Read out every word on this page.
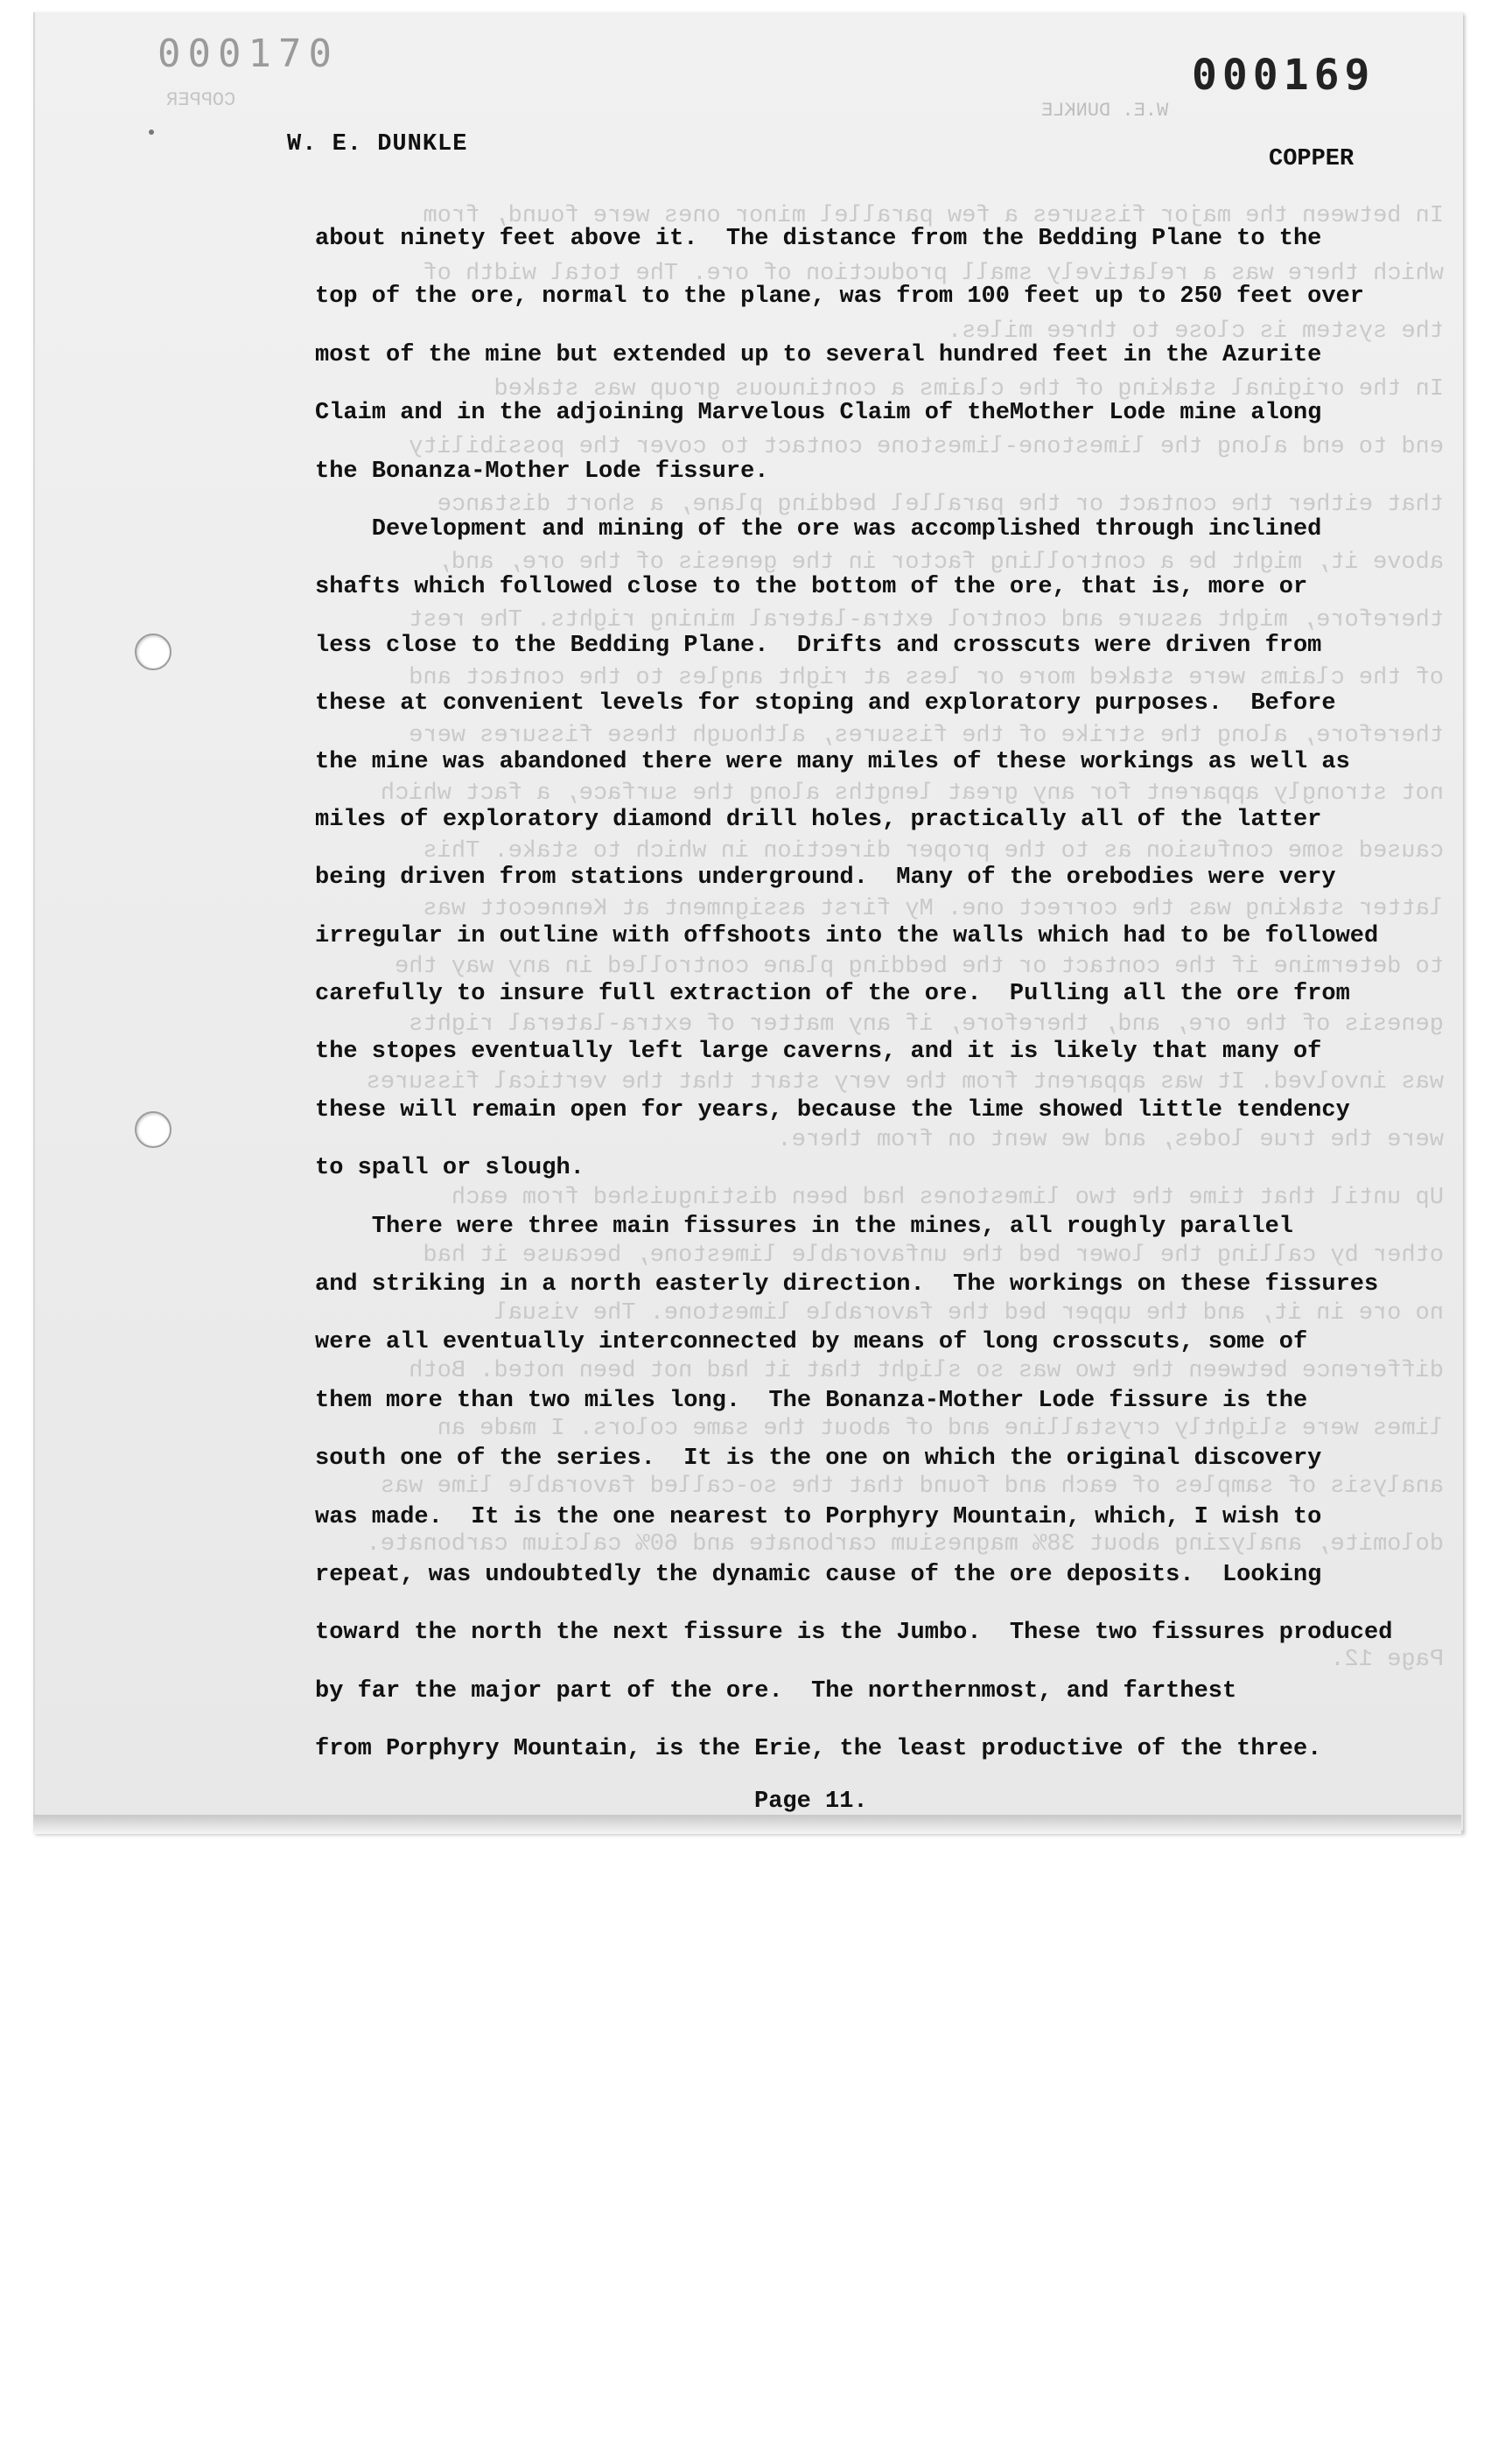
000170
COPPER
000169
W.E. DUNKLE
W. E. DUNKLE
COPPER
In between the major fissures a few parallel minor ones were found, from
which there was a relatively small production of ore. The total width of
the system is close to three miles.
In the original staking of the claims a continuous group was staked
end to end along the limestone-limestone contact to cover the possibility
that either the contact or the parallel bedding plane, a short distance
above it, might be a controlling factor in the genesis of the ore, and,
therefore, might assure and control extra-lateral mining rights. The rest
of the claims were staked more or less at right angles to the contact and
therefore, along the strike of the fissures, although these fissures were
not strongly apparent for any great lengths along the surface, a fact which
caused some confusion as to the proper direction in which to stake. This
latter staking was the correct one. My first assignment at Kennecott was
to determine if the contact or the bedding plane controlled in any way the
genesis of the ore, and, therefore, if any matter of extra-lateral rights
was involved. It was apparent from the very start that the vertical fissures
were the true lodes, and we went on from there.
Up until that time the two limestones had been distinguished from each
other by calling the lower bed the unfavorable limestone, because it had
no ore in it, and the upper bed the favorable limestone. The visual
difference between the two was so slight that it had not been noted. Both
limes were slightly crystalline and of about the same colors. I made an
analysis of samples of each and found that the so-called favorable lime was
dolomite, analyzing about 38% magnesium carbonate and 60% calcium carbonate.
Page 12.
about ninety feet above it.  The distance from the Bedding Plane to the
top of the ore, normal to the plane, was from 100 feet up to 250 feet over
most of the mine but extended up to several hundred feet in the Azurite
Claim and in the adjoining Marvelous Claim of theMother Lode mine along
the Bonanza-Mother Lode fissure.
Development and mining of the ore was accomplished through inclined
shafts which followed close to the bottom of the ore, that is, more or
less close to the Bedding Plane.  Drifts and crosscuts were driven from
these at convenient levels for stoping and exploratory purposes.  Before
the mine was abandoned there were many miles of these workings as well as
miles of exploratory diamond drill holes, practically all of the latter
being driven from stations underground.  Many of the orebodies were very
irregular in outline with offshoots into the walls which had to be followed
carefully to insure full extraction of the ore.  Pulling all the ore from
the stopes eventually left large caverns, and it is likely that many of
these will remain open for years, because the lime showed little tendency
to spall or slough.
There were three main fissures in the mines, all roughly parallel
and striking in a north easterly direction.  The workings on these fissures
were all eventually interconnected by means of long crosscuts, some of
them more than two miles long.  The Bonanza-Mother Lode fissure is the
south one of the series.  It is the one on which the original discovery
was made.  It is the one nearest to Porphyry Mountain, which, I wish to
repeat, was undoubtedly the dynamic cause of the ore deposits.  Looking
toward the north the next fissure is the Jumbo.  These two fissures produced
by far the major part of the ore.  The northernmost, and farthest
from Porphyry Mountain, is the Erie, the least productive of the three.
Page 11.
